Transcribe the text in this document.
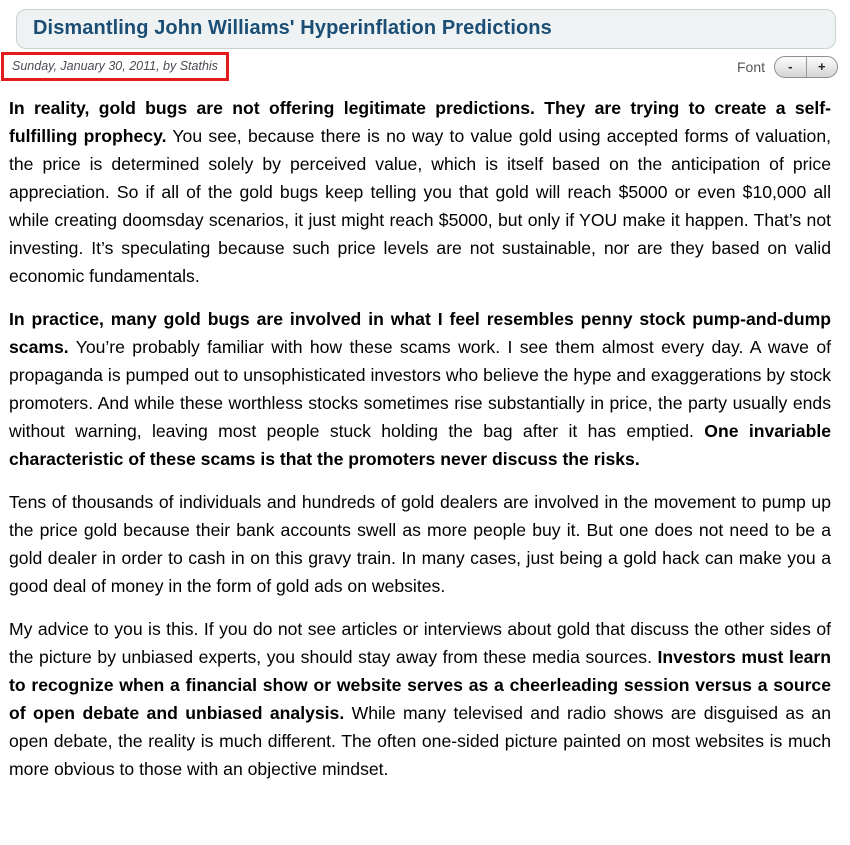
Dismantling John Williams' Hyperinflation Predictions
Sunday, January 30, 2011, by Stathis	Font	-	+

In reality, gold bugs are not offering legitimate predictions. They are trying to create a self-fulfilling prophecy. You see, because there is no way to value gold using accepted forms of valuation, the price is determined solely by perceived value, which is itself based on the anticipation of price appreciation. So if all of the gold bugs keep telling you that gold will reach $5000 or even $10,000 all while creating doomsday scenarios, it just might reach $5000, but only if YOU make it happen. That’s not investing. It’s speculating because such price levels are not sustainable, nor are they based on valid economic fundamentals.

In practice, many gold bugs are involved in what I feel resembles penny stock pump-and-dump scams. You’re probably familiar with how these scams work. I see them almost every day. A wave of propaganda is pumped out to unsophisticated investors who believe the hype and exaggerations by stock promoters. And while these worthless stocks sometimes rise substantially in price, the party usually ends without warning, leaving most people stuck holding the bag after it has emptied. One invariable characteristic of these scams is that the promoters never discuss the risks.

Tens of thousands of individuals and hundreds of gold dealers are involved in the movement to pump up the price gold because their bank accounts swell as more people buy it. But one does not need to be a gold dealer in order to cash in on this gravy train. In many cases, just being a gold hack can make you a good deal of money in the form of gold ads on websites.

My advice to you is this. If you do not see articles or interviews about gold that discuss the other sides of the picture by unbiased experts, you should stay away from these media sources. Investors must learn to recognize when a financial show or website serves as a cheerleading session versus a source of open debate and unbiased analysis. While many televised and radio shows are disguised as an open debate, the reality is much different. The often one-sided picture painted on most websites is much more obvious to those with an objective mindset.
